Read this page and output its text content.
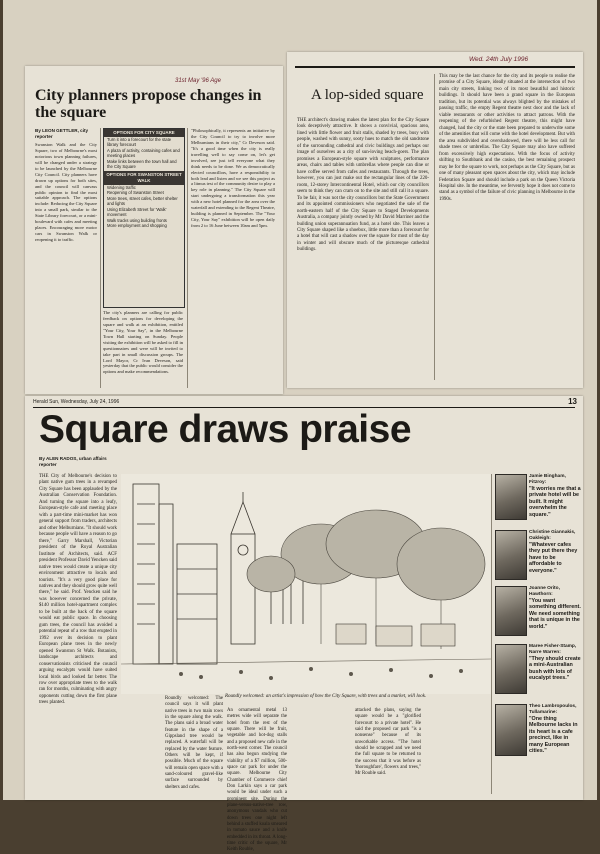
31st May '96 Age
City planners propose changes in the square
By LEON GETTLER, city reporter
Swanston Walk and the City Square, two of Melbourne's most notorious town planning failures, will be changed under a strategy to be launched by the Melbourne City Council. City planners have drawn up options for both sites, and the council will canvass public opinion to find the most suitable approach. The options include: Reducing the City Square into a small park, similar to the State Library forecourt, or a mini-boulevard with cafes and meeting places. Encouraging more motor cars in Swanston Walk or reopening it to traffic.
OPTIONS FOR CITY SQUARE
Turn it into a forecourt for the state library forecourt
A plaza of activity, containing cafes and meeting places
Make links between the town hall and the City Square
OPTIONS FOR SWANSTON STREET WALK
Widening traffic
Reopening of Swanston Street
More trees, street cafes, better shelter and lights
Using Elizabeth Street for 'Walk' movement
Walk tracks using building fronts
More employment and shopping
The city's planners are calling for public feedback on options for developing the square and walk at an exhibition, entitled "Your City, Your Say", in the Melbourne Town Hall starting on Sunday. People visiting the exhibition will be asked to fill in questionnaires and were will be invited to take part in small discussion groups. The Lord Mayor, Cr Ivan Deveson, said yesterday that the public would consider the options and make recommendations.
"Philosophically, it represents an initiative by the City Council to try to involve more Melburnians in their city," Cr Deveson said. "It's a good time when the city is really travelling well to say come on, let's get involved, see just tell everyone what they think needs to be done. We as democratically elected councillors, have a responsibility to both lead and listen and we see this project as a litmus test of the community desire to play a key role in planning." The City Square will start undergoing a transformation this year with a new hotel planned for the area over the waterfall and extending to the Regent Theatre, building is planned in September. The "Your City, Your Say" exhibition will be open daily from 2 to 16 June between 10am and 5pm.
Wed. 24th July 1996
A lop-sided square
THE architect's drawing makes the latest plan for the City Square look deceptively attractive. It shows a convivial, spacious area, lined with little flower and fruit stalls, shaded by trees, busy with people, washed with sunny, sooty hues to match the old sandstone of the surrounding cathedral and civic buildings and perhaps our image of ourselves as a city of sun-loving beach-goers. The plan promises a European-style square with sculptures, performance areas, chairs and tables with umbrellas where people can dine or have coffee served from cafes and restaurants. Through the trees, however, you can just make out the rectangular lines of the 220-room, 12-storey Intercontinental Hotel, which our city councillors seem to think they can cram on to the site and still call it a square. To be fair, it was not the city councillors but the State Government and its appointed commissioners who negotiated the sale of the north-eastern half of the City Square to Staged Developments Australia, a company jointly owned by Mr David Marriner and the building union superannuation fund, as a hotel site. This leaves a City Square shaped like a shoebox, little more than a forecourt for a hotel that will cast a shadow over the square for most of the day in winter and will obscure much of the picturesque cathedral buildings.
This may be the last chance for the city and its people to realise the promise of a City Square, ideally situated at the intersection of two main city streets, linking two of its most beautiful and historic buildings. It should have been a grand square in the European tradition, but its potential was always blighted by the mistakes of passing traffic, the empty Regent theatre next door and the lack of viable restaurants or other activities to attract patrons. With the reopening of the refurbished Regent theatre, this might have changed, had the city or the state been prepared to underwrite some of the amenities that will come with the hotel development. But with the area subdivided and overshadowed, there will be less call for shade trees or umbrellas. The City Square may also have suffered from excessively high expectations. With the focus of activity shifting to Southbank and the casino, the best remaining prospect may be for the square to work, not perhaps as the City Square, but as one of many pleasant open spaces about the city, which may include Federation Square and should include a park on the Queen Victoria Hospital site. In the meantime, we fervently hope it does not come to stand as a symbol of the failure of civic planning in Melbourne in the 1990s.
Herald Sun, Wednesday, July 24, 1996	13
Square draws praise
By ALEN RADOS, urban affairs reporter
THE City of Melbourne's decision to plant native gum trees in a revamped City Square has been applauded by the Australian Conservation Foundation. And turning the square into a leafy, European-style cafe and meeting place with a part-time mini-market has won general support from traders, architects and other Melburnians. "It should work because people will have a reason to go there," Garry Marshall, Victorian president of the Royal Australian Institute of Architects, said. ACF president Professor David Yencken said native trees would create a unique city environment attractive to locals and tourists. "It's a very good place for natives and they should grow quite well there," he said. Prof. Yencken said he was however concerned the private, $140 million hotel-apartment complex to be built at the back of the square would eat public space. In choosing gum trees, the council has avoided a potential repeat of a row that erupted in 1992 over its decision to plant European plane trees in the newly opened Swanston St Walk. Botanists, landscape architects and conservationists criticised the council arguing eucalypts would have suited local birds and looked far better. The row over appropriate trees to the walk ran for months, culminating with angry opponents cutting down the first plane trees planted.
Roundly welcomed: an artist's impression of how the City Square, with trees and a market, will look.
Roundly welcomed: The council says it will plant native trees in two main rows in the square along the walk. The plans said a broad water feature in the shape of a Gippsland tree would be replaced. A waterfall will be replaced by the water feature. Others will be kept, if possible. Much of the square will remain open space with a sand-coloured gravel-like surface surrounded by shelters and cafes.
An ornamental metal 13 metres wide will separate the hotel from the rest of the square. There will be fruit, vegetable and hot-dog stalls and a proposed new cafe in the north-west corner. The council has also begun studying the viability of a $7 million, 500-space car park for under the square. Melbourne City Chamber of Commerce chief Don Larkin says a car park would be ideal under such a prominent site. During the plane-versus-native-tree row, anonymous vandals who cut down trees one night left behind a stuffed koala smeared in tomato sauce and a knife embedded in its throat. A long-time critic of the square, Mr Keith Rouble,
attacked the plans, saying the square would be a "glorified forecourt to a private hotel". He said the proposed car park "is a nonsense" because of its unworkable access. "The hotel should be scrapped and we need the full square to be returned to the success that it was before as 'thoroughfare', flowers and trees," Mr Rouble said.
Jamie Bingham, Fitzroy:
"It worries me that a private hotel will be built. It might overwhelm the square."
Christine Giannakis, Oakleigh:
"Whatever cafes they put there they have to be affordable to everyone."
Joanne Orito, Hawthorn:
"You want something different. We need something that is unique in the world."
Maree Fisher-Stamp, Narre Warren:
"They should create a mini-Australian bush with lots of eucalypt trees."
Theo Lambropoulos, Tullamarine:
"One thing Melbourne lacks in its heart is a cafe precinct, like in many European cities."
